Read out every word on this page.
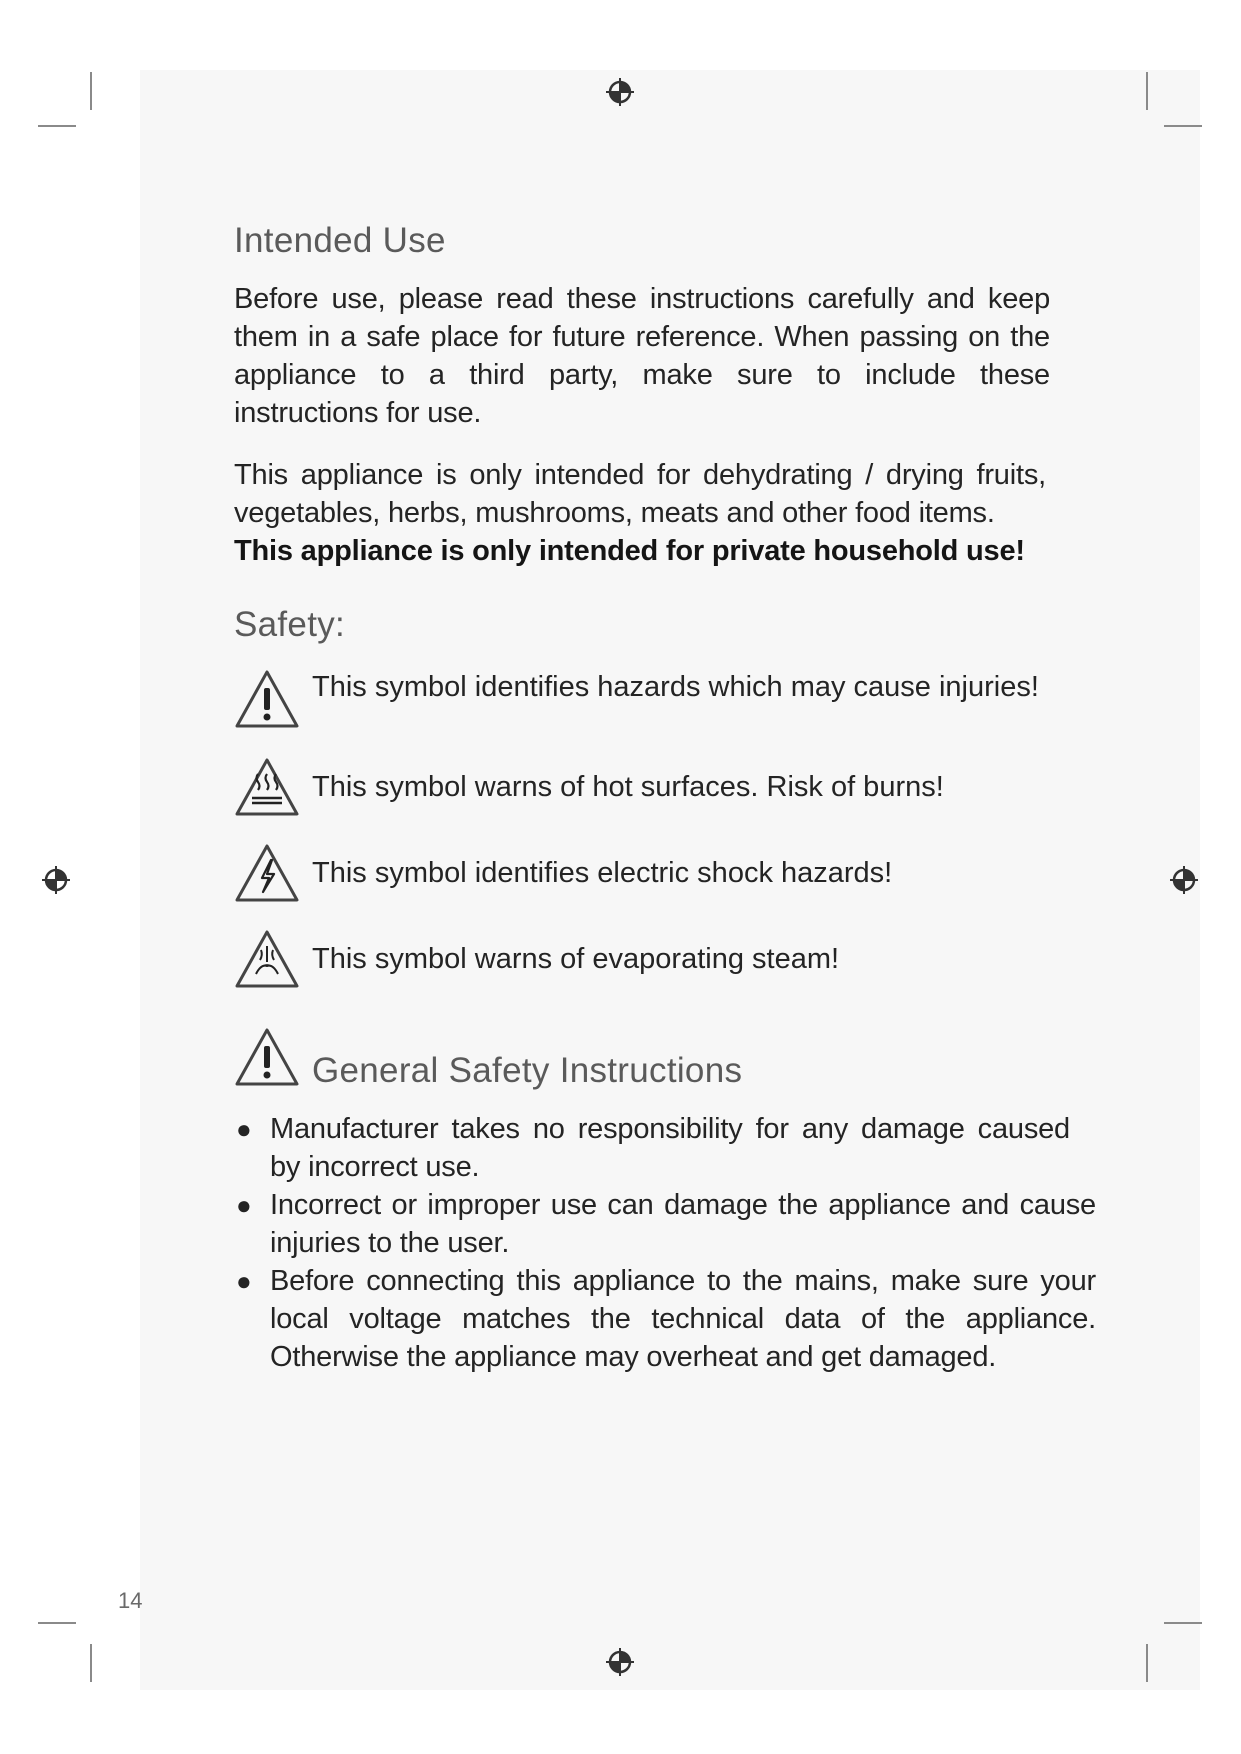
Intended Use

Before use, please read these instructions carefully and keep them in a safe place for future reference. When passing on the appliance to a third party, make sure to include these instructions for use.

This appliance is only intended for dehydrating / drying fruits, vegetables, herbs, mushrooms, meats and other food items.

This appliance is only intended for private household use!

Safety:
This symbol identifies hazards which may cause injuries!
This symbol warns of hot surfaces. Risk of burns!
This symbol identifies electric shock hazards!
This symbol warns of evaporating steam!
General Safety Instructions
● Manufacturer takes no responsibility for any damage caused by incorrect use.
● Incorrect or improper use can damage the appliance and cause injuries to the user.
● Before connecting this appliance to the mains, make sure your local voltage matches the technical data of the appliance. Otherwise the appliance may overheat and get damaged.
14
